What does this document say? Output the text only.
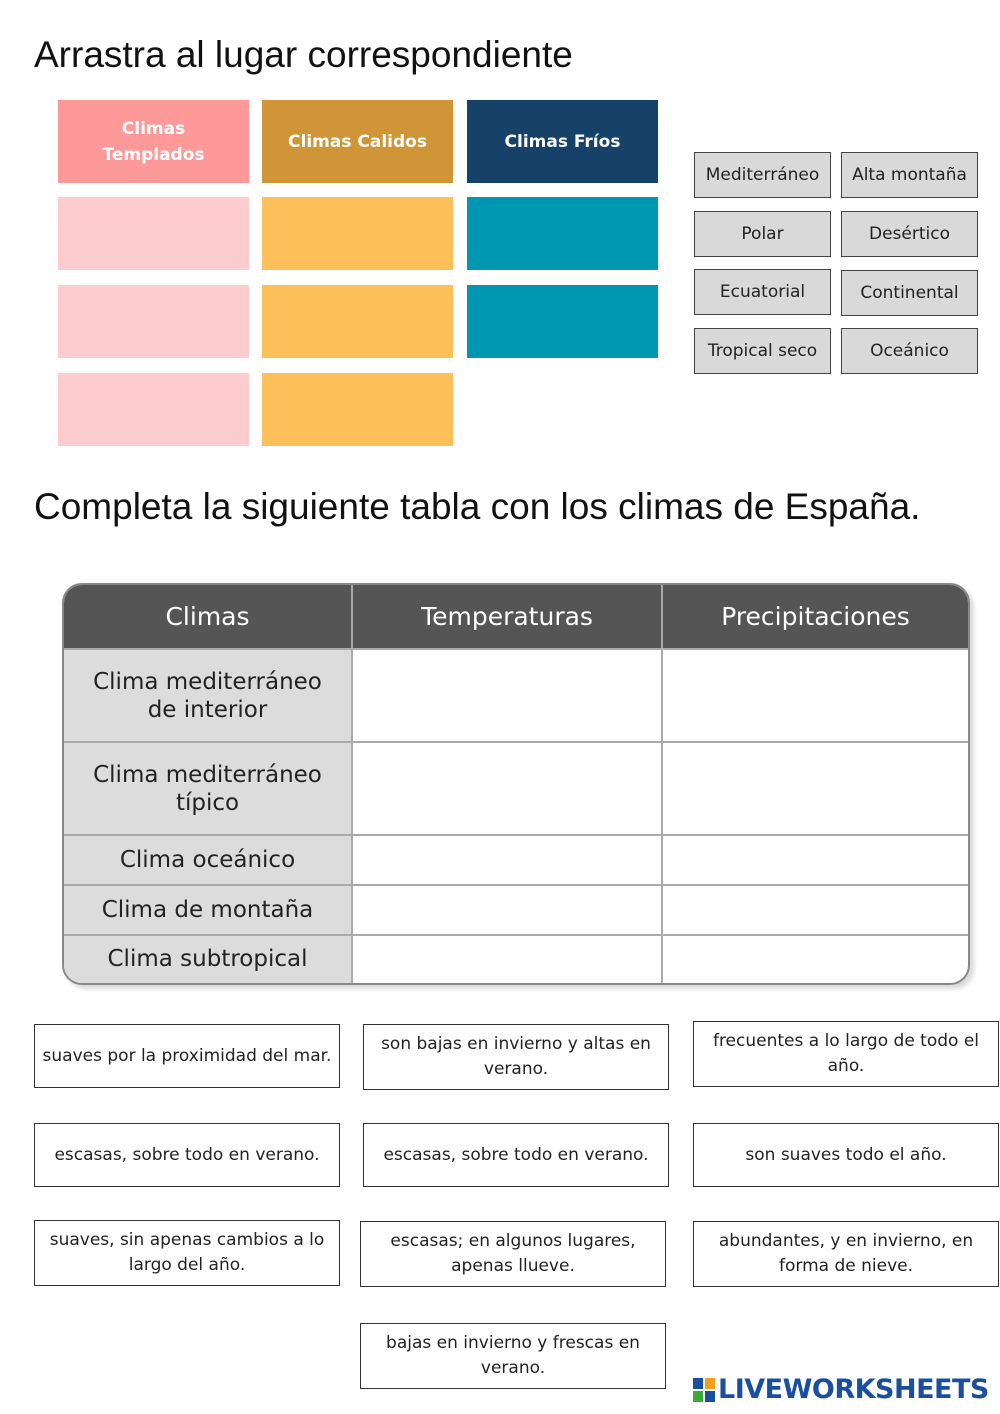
Arrastra al lugar correspondiente
Climas Templados
Climas Calidos	Climas Fríos
Mediterráneo	Alta montaña
Polar	Desértico
Ecuatorial	Continental
Tropical seco	Oceánico
Completa la siguiente tabla con los climas de España.
Climas	Temperaturas	Precipitaciones
Clima mediterráneo de interior		
Clima mediterráneo típico		
Clima oceánico		
Clima de montaña		
Clima subtropical		
suaves por la proximidad del mar.
son bajas en invierno y altas en verano.
frecuentes a lo largo de todo el año.
escasas, sobre todo en verano.	escasas, sobre todo en verano.	son suaves todo el año.
suaves, sin apenas cambios a lo largo del año.
escasas; en algunos lugares, apenas llueve.
abundantes, y en invierno, en forma de nieve.
bajas en invierno y frescas en verano.
LIVEWORKSHEETS
